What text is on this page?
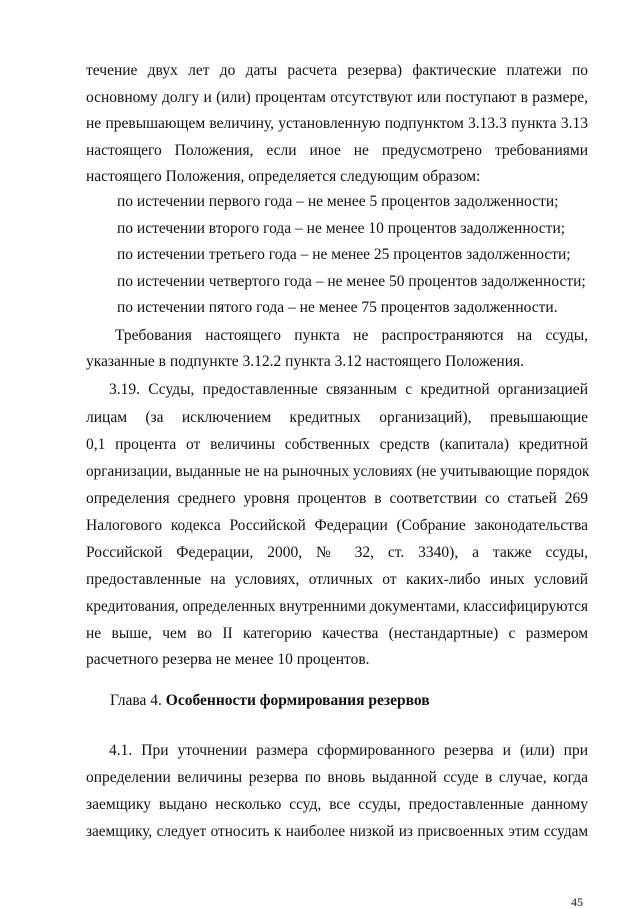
течение двух лет до даты расчета резерва) фактические платежи по
основному долгу и (или) процентам отсутствуют или поступают в размере,
не превышающем величину, установленную подпунктом 3.13.3 пункта 3.13
настоящего Положения, если иное не предусмотрено требованиями
настоящего Положения, определяется следующим образом:
по истечении первого года – не менее 5 процентов задолженности;
по истечении второго года – не менее 10 процентов задолженности;
по истечении третьего года – не менее 25 процентов задолженности;
по истечении четвертого года – не менее 50 процентов задолженности;
по истечении пятого года – не менее 75 процентов задолженности.
Требования настоящего пункта не распространяются на ссуды,
указанные в подпункте 3.12.2 пункта 3.12 настоящего Положения.
3.19. Ссуды, предоставленные связанным с кредитной организацией
лицам (за исключением кредитных организаций), превышающие
0,1 процента от величины собственных средств (капитала) кредитной
организации, выданные не на рыночных условиях (не учитывающие порядок
определения среднего уровня процентов в соответствии со статьей 269
Налогового кодекса Российской Федерации (Собрание законодательства
Российской Федерации, 2000, № 32, ст. 3340), а также ссуды,
предоставленные на условиях, отличных от каких-либо иных условий
кредитования, определенных внутренними документами, классифицируются
не выше, чем во II категорию качества (нестандартные) с размером
расчетного резерва не менее 10 процентов.
Глава 4. Особенности формирования резервов
4.1. При уточнении размера сформированного резерва и (или) при
определении величины резерва по вновь выданной ссуде в случае, когда
заемщику выдано несколько ссуд, все ссуды, предоставленные данному
заемщику, следует относить к наиболее низкой из присвоенных этим ссудам
45
